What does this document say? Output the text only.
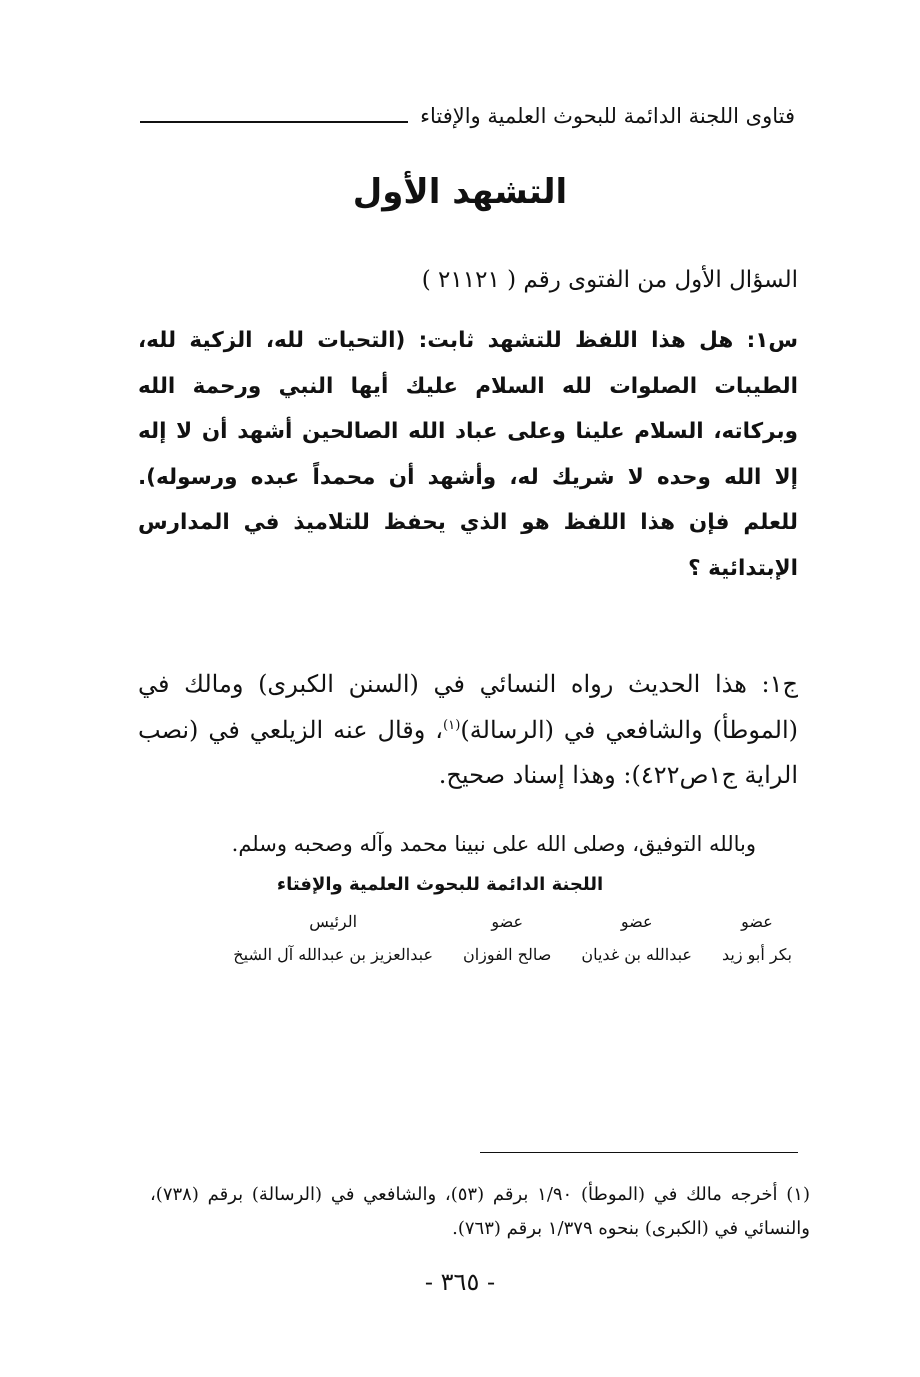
فتاوى اللجنة الدائمة للبحوث العلمية والإفتاء
التشهد الأول
السؤال الأول من الفتوى رقم ( ٢١١٢١ )
س١: هل هذا اللفظ للتشهد ثابت: (التحيات لله، الزكية لله، الطيبات الصلوات لله السلام عليك أيها النبي ورحمة الله وبركاته، السلام علينا وعلى عباد الله الصالحين أشهد أن لا إله إلا الله وحده لا شريك له، وأشهد أن محمداً عبده ورسوله). للعلم فإن هذا اللفظ هو الذي يحفظ للتلاميذ في المدارس الإبتدائية ؟
ج١: هذا الحديث رواه النسائي في (السنن الكبرى) ومالك في (الموطأ) والشافعي في (الرسالة)$^{(١)}$، وقال عنه الزيلعي في (نصب الراية ج١ص٤٢٢): وهذا إسناد صحيح.
وبالله التوفيق، وصلى الله على نبينا محمد وآله وصحبه وسلم.
اللجنة الدائمة للبحوث العلمية والإفتاء
عضو
بكر أبو زيد
عضو
عبدالله بن غديان
عضو
صالح الفوزان
الرئيس
عبدالعزيز بن عبدالله آل الشيخ
(١) أخرجه مالك في (الموطأ) ١/٩٠ برقم (٥٣)، والشافعي في (الرسالة) برقم (٧٣٨)، والنسائي في (الكبرى) بنحوه ١/٣٧٩ برقم (٧٦٣).
- ٣٦٥ -
